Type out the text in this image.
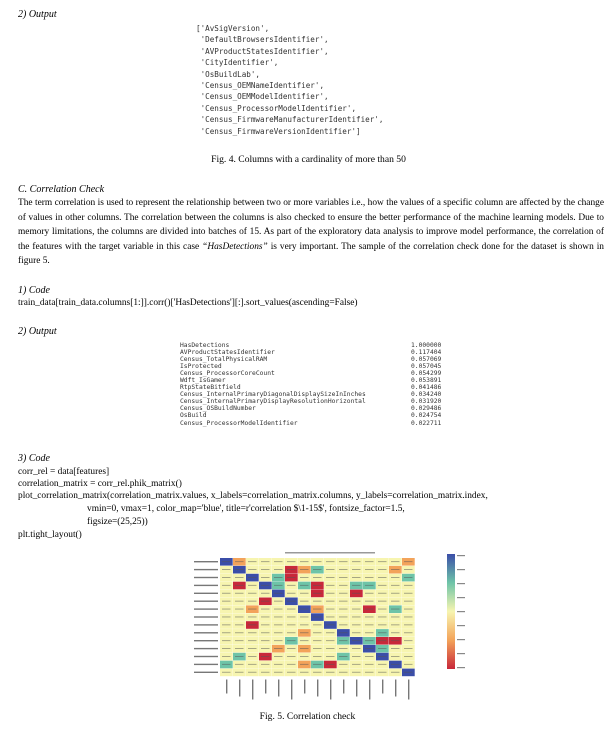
2) Output
['AvSigVersion',
'DefaultBrowsersIdentifier',
'AVProductStatesIdentifier',
'CityIdentifier',
'OsBuildLab',
'Census_OEMNameIdentifier',
'Census_OEMModelIdentifier',
'Census_ProcessorModelIdentifier',
'Census_FirmwareManufacturerIdentifier',
'Census_FirmwareVersionIdentifier']
Fig. 4. Columns with a cardinality of more than 50
C. Correlation Check
The term correlation is used to represent the relationship between two or more variables i.e., how the values of a specific column are affected by the change of values in other columns. The correlation between the columns is also checked to ensure the better performance of the machine learning models. Due to memory limitations, the columns are divided into batches of 15. As part of the exploratory data analysis to improve model performance, the correlation of the features with the target variable in this case “HasDetections” is very important. The sample of the correlation check done for the dataset is shown in figure 5.
1) Code
train_data[train_data.columns[1:]].corr()['HasDetections'][:].sort_values(ascending=False)
2) Output
HasDetections
AVProductStatesIdentifier
Census_TotalPhysicalRAM
IsProtected
Census_ProcessorCoreCount
Wdft_IsGamer
RtpStateBitfield
Census_InternalPrimaryDiagonalDisplaySizeInInches
Census_InternalPrimaryDisplayResolutionHorizontal
Census_OSBuildNumber
OsBuild
Census_ProcessorModelIdentifier
1.000000
0.117404
0.057069
0.057045
0.054299
0.053891
0.041486
0.034240
0.031920
0.029486
0.024754
0.022711
3) Code
corr_rel = data[features]
correlation_matrix = corr_rel.phik_matrix()
plot_correlation_matrix(correlation_matrix.values, x_labels=correlation_matrix.columns, y_labels=correlation_matrix.index,
vmin=0, vmax=1, color_map='blue', title=r'correlation $\1-15$', fontsize_factor=1.5,
figsize=(25,25))
plt.tight_layout()
Fig. 5. Correlation check
